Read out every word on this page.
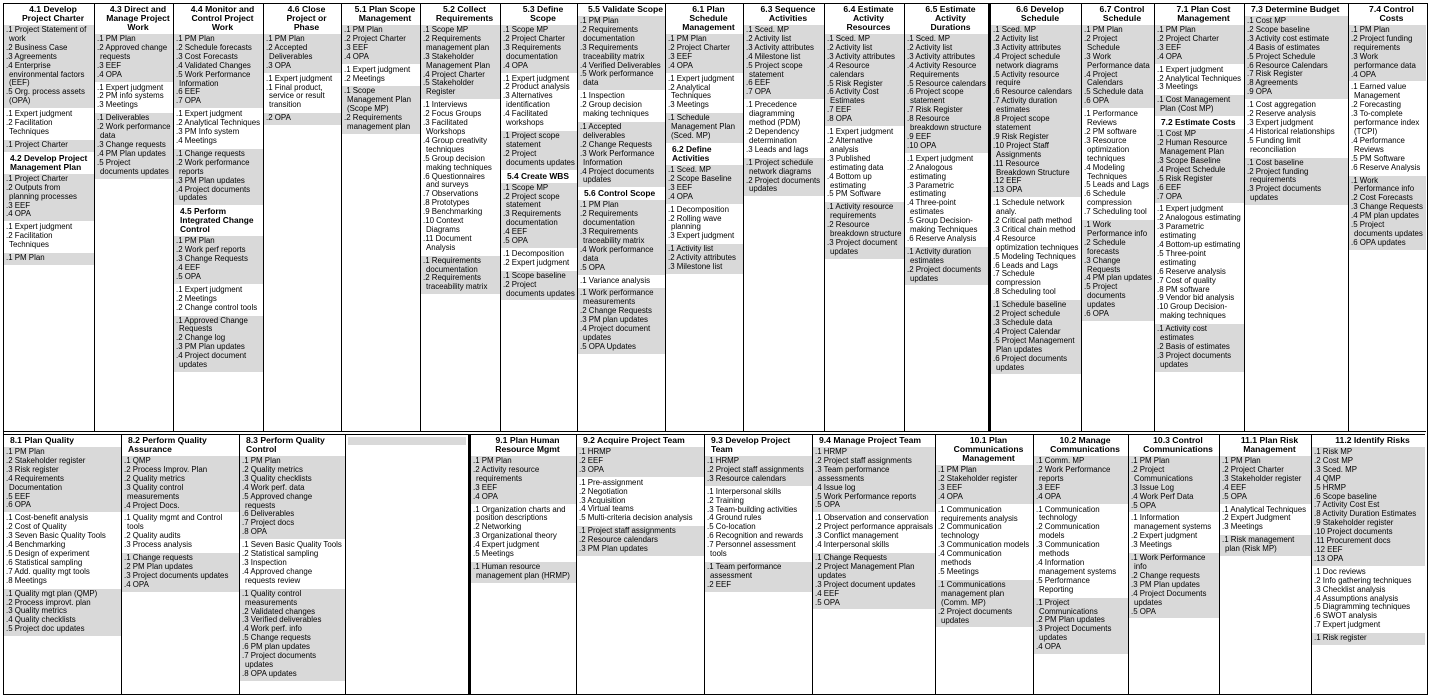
4.1 Develop Project Charter
.1 Project Statement of work
.2 Business Case
.3 Agreements
.4 Enterprise environmental factors (EEF)
.5 Org. process assets (OPA)
.1 Expert judgment
.2 Facilitation Techniques
.1 Project Charter
4.2 Develop Project Management Plan
.1 Project Charter
.2 Outputs from planning processes
.3 EEF
.4 OPA
.1 Expert judgment
.2 Facilitation Techniques
.1 PM Plan
4.3 Direct and Manage Project Work
.1 PM Plan
.2 Approved change requests
.3 EEF
.4 OPA
.1 Expert judgment
.2 PM info systems
.3 Meetings
.1 Deliverables
.2 Work performance data
.3 Change requests
.4 PM Plan updates
.5 Project documents updates
4.4 Monitor and Control Project Work
.1 PM Plan
.2 Schedule forecasts
.3 Cost Forecasts
.4 Validated Changes
.5 Work Performance Information
.6 EEF
.7 OPA
.1 Expert judgment
.2 Analytical Techniques
.3 PM Info system
.4 Meetings
.1 Change requests
.2 Work performance reports
.3 PM Plan updates
.4 Project documents updates
4.5 Perform Integrated Change Control
.1 PM Plan
.2 Work perf reports
.3 Change Requests
.4 EEF
.5 OPA
.1 Expert judgment
.2 Meetings
.2 Change control tools
.1 Approved Change Requests
.2 Change log
.3 PM Plan updates
.4 Project document updates
4.6 Close Project or Phase
.1 PM Plan
.2 Accepted Deliverables
.3 OPA
.1 Expert judgment
.1 Final product, service or result transition
.2 OPA
5.1 Plan Scope Management
.1 PM Plan
.2 Project Charter
.3 EEF
.4 OPA
.1 Expert judgment
.2 Meetings
.1 Scope Management Plan (Scope MP)
.2 Requirements management plan
5.2 Collect Requirements
.1 Scope MP
.2 Requirements management plan
.3 Stakeholder Management Plan
.4 Project Charter
.5 Stakeholder Register
.1 Interviews
.2 Focus Groups
.3 Facilitated Workshops
.4 Group creativity techniques
.5 Group decision making techniques
.6 Questionnaires and surveys
.7 Observations
.8 Prototypes
.9 Benchmarking
.10 Context Diagrams
.11 Document Analysis
.1 Requirements documentation
.2 Requirements traceability matrix
5.3 Define Scope
.1 Scope MP
.2 Project Charter
.3 Requirements documentation
.4 OPA
.1 Expert judgment
.2 Product analysis
.3 Alternatives identification
.4 Facilitated workshops
.1 Project scope statement
.2 Project documents updates
5.4 Create WBS
.1 Scope MP
.2 Project scope statement
.3 Requirements documentation
.4 EEF
.5 OPA
.1 Decomposition
.2 Expert judgment
.1 Scope baseline
.2 Project documents updates
5.5 Validate Scope
.1 PM Plan
.2 Requirements documentation
.3 Requirements traceability matrix
.4 Verified Deliverables
.5 Work performance data
.1 Inspection
.2 Group decision making techniques
.1 Accepted deliverables
.2 Change Requests
.3 Work Performance Information
.4 Project documents updates
5.6 Control Scope
.1 PM Plan
.2 Requirements documentation
.3 Requirements traceability matrix
.4 Work performance data
.5 OPA
.1 Variance analysis
.1 Work performance measurements
.2 Change Requests
.3 PM plan updates
.4 Project document updates
.5 OPA Updates
6.1 Plan Schedule Management
.1 PM Plan
.2 Project Charter
.3 EEF
.4 OPA
.1 Expert judgment
.2 Analytical Techniques
.3 Meetings
.1 Schedule Management Plan (Sced. MP)
6.2 Define Activities
.1 Sced. MP
.2 Scope Baseline
.3 EEF
.4 OPA
.1 Decomposition
.2 Rolling wave planning
.3 Expert judgment
.1 Activity list
.2 Activity attributes
.3 Milestone list
6.3 Sequence Activities
.1 Sced. MP
.2 Activity list
.3 Activity attributes
.4 Milestone list
.5 Project scope statement
.6 EEF
.7 OPA
.1 Precedence diagramming method (PDM)
.2 Dependency determination
.3 Leads and lags
.1 Project schedule network diagrams
.2 Project documents updates
6.4 Estimate Activity Resources
.1 Sced. MP
.2 Activity list
.3 Activity attributes
.4 Resource calendars
.5 Risk Register
.6 Activity Cost Estimates
.7 EEF
.8 OPA
.1 Expert judgment
.2 Alternative analysis
.3 Published estimating data
.4 Bottom up estimating
.5 PM Software
.1 Activity resource requirements
.2 Resource breakdown structure
.3 Project document updates
6.5 Estimate Activity Durations
.1 Sced. MP
.2 Activity list
.3 Activity attributes
.4 Activity Resource Requirements
.5 Resource calendars
.6 Project scope statement
.7 Risk Register
.8 Resource breakdown structure
.9 EEF
.10 OPA
.1 Expert judgment
.2 Analogous estimating
.3 Parametric estimating
.4 Three-point estimates
.5 Group Decision-making Techniques
.6 Reserve Analysis
.1 Activity duration estimates
.2 Project documents updates
6.6 Develop Schedule
.1 Sced. MP
.2 Activity list
.3 Activity attributes
.4 Project schedule network diagrams
.5 Activity resource require
.6 Resource calendars
.7 Activity duration estimates
.8 Project scope statement
.9 Risk Register
.10 Project Staff Assignments
.11 Resource Breakdown Structure
.12 EEF
.13 OPA
.1 Schedule network analy.
.2 Critical path method
.3 Critical chain method
.4 Resource optimization techniques
.5 Modeling Techniques
.6 Leads and Lags
.7 Schedule compression
.8 Scheduling tool
.1 Schedule baseline
.2 Project schedule
.3 Schedule data
.4 Project Calendar
.5 Project Management Plan updates
.6 Project documents updates
6.7 Control Schedule
.1 PM Plan
.2 Project Schedule
.3 Work Performance data
.4 Project Calendars
.5 Schedule data
.6 OPA
.1 Performance Reviews
.2 PM software
.3 Resource optimization techniques
.4 Modeling Techniques
.5 Leads and Lags
.6 Schedule compression
.7 Scheduling tool
.1 Work Performance info
.2 Schedule forecasts
.3 Change Requests
.4 PM plan updates
.5 Project documents updates
.6 OPA
7.1 Plan Cost Management
.1 PM Plan
.2 Project Charter
.3 EEF
.4 OPA
.1 Expert judgment
.2 Analytical Techniques
.3 Meetings
.1 Cost Management Plan (Cost MP)
7.2 Estimate Costs
.1 Cost MP
.2 Human Resource Management Plan
.3 Scope Baseline
.4 Project Schedule
.5 Risk Register
.6 EEF
.7 OPA
.1 Expert judgment
.2 Analogous estimating
.3 Parametric estimating
.4 Bottom-up estimating
.5 Three-point estimating
.6 Reserve analysis
.7 Cost of quality
.8 PM software
.9 Vendor bid analysis
.10 Group Decision-making techniques
.1 Activity cost estimates
.2 Basis of estimates
.3 Project documents updates
7.3 Determine Budget
.1 Cost MP
.2 Scope baseline
.3 Activity cost estimate
.4 Basis of estimates
.5 Project Schedule
.6 Resource Calendars
.7 Risk Register
.8 Agreements
.9 OPA
.1 Cost aggregation
.2 Reserve analysis
.3 Expert judgment
.4 Historical relationships
.5 Funding limit reconciliation
.1 Cost baseline
.2 Project funding requirements
.3 Project documents updates
7.4 Control Costs
.1 PM Plan
.2 Project funding requirements
.3 Work performance data
.4 OPA
.1 Earned value Management
.2 Forecasting
.3 To-complete performance index (TCPI)
.4 Performance Reviews
.5 PM Software
.6 Reserve Analysis
.1 Work Performance info
.2 Cost Forecasts
.3 Change Requests
.4 PM plan updates
.5 Project documents updates
.6 OPA updates
8.1 Plan Quality
.1 PM Plan
.2 Stakeholder register
.3 Risk register
.4 Requirements Documentation
.5 EEF
.6 OPA
.1 Cost-benefit analysis
.2 Cost of Quality
.3 Seven Basic Quality Tools
.4 Benchmarking
.5 Design of experiment
.6 Statistical sampling
.7 Add. quality mgt tools
.8 Meetings
.1 Quality mgt plan (QMP)
.2 Process improvt. plan
.3 Quality metrics
.4 Quality checklists
.5 Project doc updates
8.2 Perform Quality Assurance
.1 QMP
.2 Process Improv. Plan
.2 Quality metrics
.3 Quality control measurements
.4 Project Docs.
.1 Quality mgmt and Control tools
.2 Quality audits
.3 Process analysis
.1 Change requests
.2 PM Plan updates
.3 Project documents updates
.4 OPA
8.3 Perform Quality Control
.1 PM Plan
.2 Quality metrics
.3 Quality checklists
.4 Work perf. data
.5 Approved change requests
.6 Deliverables
.7 Project docs
.8 OPA
.1 Seven Basic Quality Tools
.2 Statistical sampling
.3 Inspection
.4 Approved change requests review
.1 Quality control measurements
.2 Validated changes
.3 Verified deliverables
.4 Work perf. info
.5 Change requests
.6 PM plan updates
.7 Project documents updates
.8 OPA updates
9.1 Plan Human Resource Mgmt
.1 PM Plan
.2 Activity resource requirements
.3 EEF
.4 OPA
.1 Organization charts and position descriptions
.2 Networking
.3 Organizational theory
.4 Expert judgment
.5 Meetings
.1 Human resource management plan (HRMP)
9.2 Acquire Project Team
.1 HRMP
.2 EEF
.3 OPA
.1 Pre-assignment
.2 Negotiation
.3 Acquisition
.4 Virtual teams
.5 Multi-criteria decision analysis
.1 Project staff assignments
.2 Resource calendars
.3 PM Plan updates
9.3 Develop Project Team
.1 HRMP
.2 Project staff assignments
.3 Resource calendars
.1 Interpersonal skills
.2 Training
.3 Team-building activities
.4 Ground rules
.5 Co-location
.6 Recognition and rewards
.7 Personnel assessment tools
.1 Team performance assessment
.2 EEF
9.4 Manage Project Team
.1 HRMP
.2 Project staff assignments
.3 Team performance assessments
.4 Issue log
.5 Work Performance reports
.5 OPA
.1 Observation and conservation
.2 Project performance appraisals
.3 Conflict management
.4 Interpersonal skills
.1 Change Requests
.2 Project Management Plan updates
.3 Project document updates
.4 EEF
.5 OPA
10.1 Plan Communications Management
.1 PM Plan
.2 Stakeholder register
.3 EEF
.4 OPA
.1 Communication requirements analysis
.2 Communication technology
.3 Communication models
.4 Communication methods
.5 Meetings
.1 Communications management plan (Comm. MP)
.2 Project documents updates
10.2 Manage Communications
.1 Comm. MP
.2 Work Performance reports
.3 EEF
.4 OPA
.1 Communication technology
.2 Communication models
.3 Communication methods
.4 Information management systems
.5 Performance Reporting
.1 Project Communications
.2 PM Plan updates
.3 Project Documents updates
.4 OPA
10.3 Control Communications
.1 PM Plan
.2 Project Communications
.3 Issue Log
.4 Work Perf Data
.5 OPA
.1 Information management systems
.2 Expert judgment
.3 Meetings
.1 Work Performance info
.2 Change requests
.3 PM Plan updates
.4 Project Documents updates
.5 OPA
11.1 Plan Risk Management
.1 PM Plan
.2 Project Charter
.3 Stakeholder register
.4 EEF
.5 OPA
.1 Analytical Techniques
.2 Expert Judgment
.3 Meetings
.1 Risk management plan (Risk MP)
11.2 Identify Risks
.1 Risk MP
.2 Cost MP
.3 Sced. MP
.4 QMP
.5 HRMP
.6 Scope baseline
.7 Activity Cost Est
.8 Activity Duration Estimates
.9 Stakeholder register
.10 Project documents
.11 Procurement docs
.12 EEF
.13 OPA
.1 Doc reviews
.2 Info gathering techniques
.3 Checklist analysis
.4 Assumptions analysis
.5 Diagramming techniques
.6 SWOT analysis
.7 Expert judgment
.1 Risk register
